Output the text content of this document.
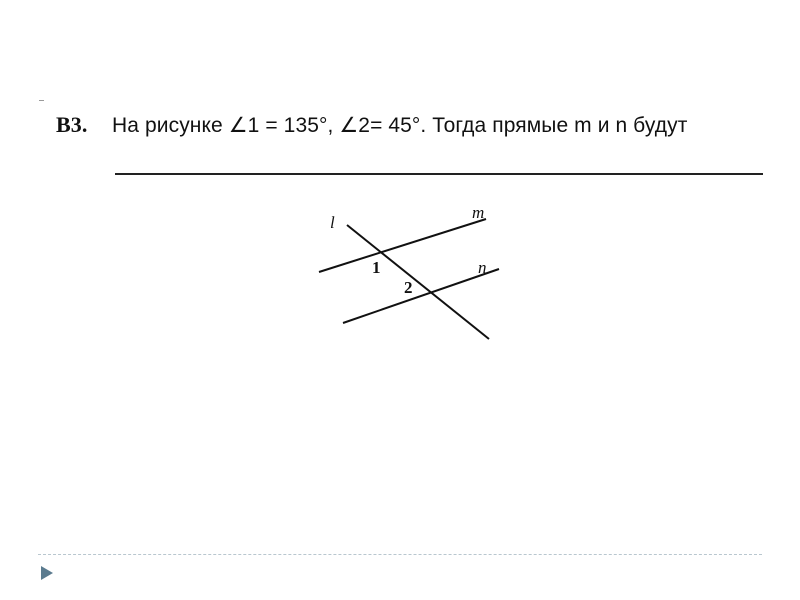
B3. На рисунке ∠1 = 135°, ∠2= 45°. Тогда прямые m и n будут
l
m
n
1
2
